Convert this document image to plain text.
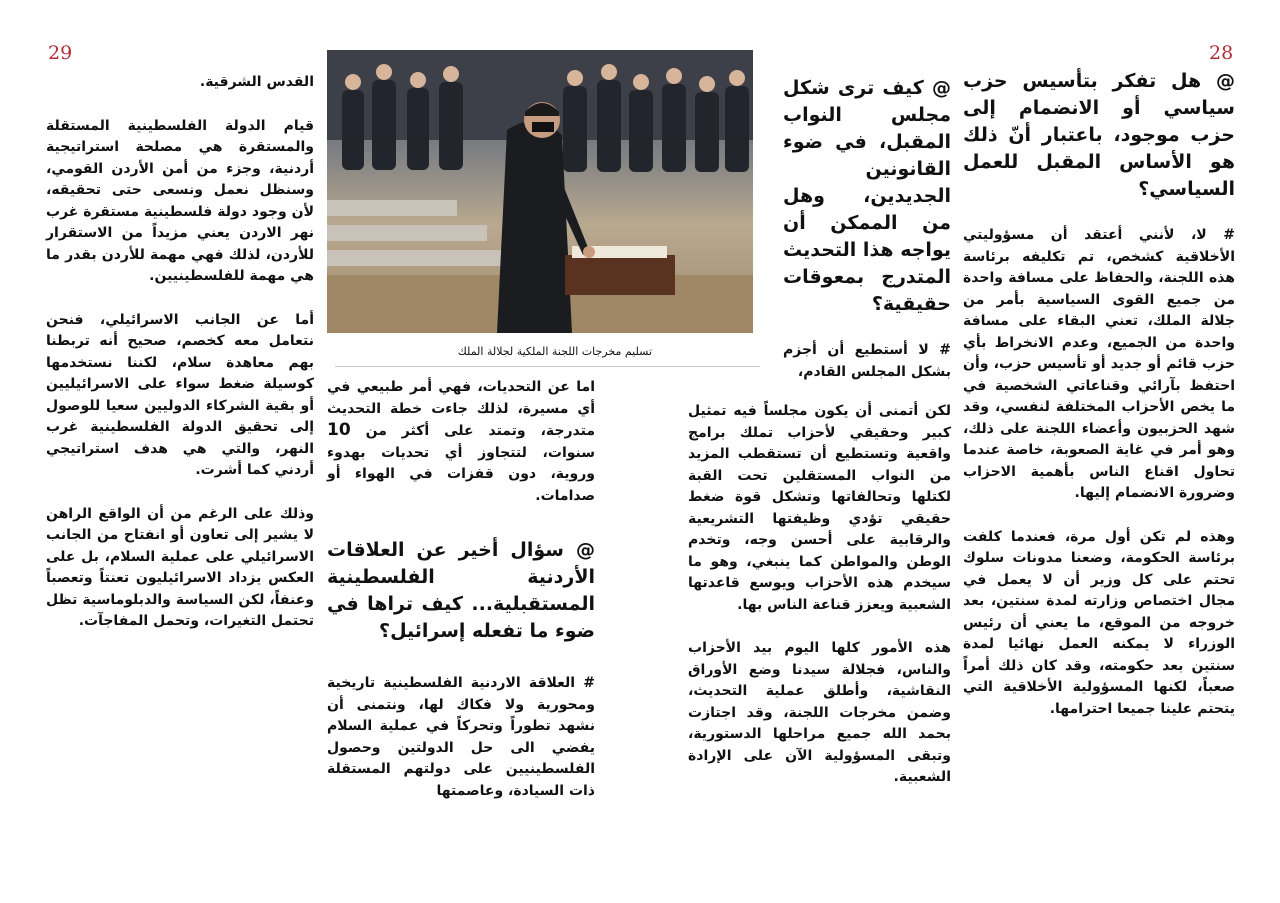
29	28

@ هل تفكر بتأسيس حزب سياسي أو الانضمام إلى حزب موجود، باعتبار أنّ ذلك هو الأساس المقبل للعمل السياسي؟

# لا، لأنني أعتقد أن مسؤوليتي الأخلاقية كشخص، تم تكليفه برئاسة هذه اللجنة، والحفاظ على مسافة واحدة من جميع القوى السياسية بأمر من جلالة الملك، تعني البقاء على مسافة واحدة من الجميع، وعدم الانخراط بأي حزب قائم أو جديد أو تأسيس حزب، وأن احتفظ بآرائي وقناعاتي الشخصية في ما يخص الأحزاب المختلفة لنفسي، وقد شهد الحزبيون وأعضاء اللجنة على ذلك، وهو أمر في غاية الصعوبة، خاصة عندما تحاول اقناع الناس بأهمية الاحزاب وضرورة الانضمام إليها.

وهذه لم تكن أول مرة، فعندما كلفت برئاسة الحكومة، وضعنا مدونات سلوك تحتم على كل وزير أن لا يعمل في مجال اختصاص وزارته لمدة سنتين، بعد خروجه من الموقع، ما يعني أن رئيس الوزراء لا يمكنه العمل نهائيا لمدة سنتين بعد حكومته، وقد كان ذلك أمراً صعباً، لكنها المسؤولية الأخلاقية التي يتحتم علينا جميعا احترامها.

@ كيف ترى شكل مجلس النواب المقبل، في ضوء القانونين الجديدين، وهل من الممكن أن يواجه هذا التحديث المتدرج بمعوقات حقيقية؟

# لا أستطيع أن أجزم بشكل المجلس القادم،

لكن أتمنى أن يكون مجلساً فيه تمثيل كبير وحقيقي لأحزاب تملك برامج واقعية وتستطيع أن تستقطب المزيد من النواب المستقلين تحت القبة لكتلها وتحالفاتها وتشكل قوة ضغط حقيقي تؤدي وظيفتها التشريعية والرقابية على أحسن وجه، وتخدم الوطن والمواطن كما ينبغي، وهو ما سيخدم هذه الأحزاب ويوسع قاعدتها الشعبية ويعزز قناعة الناس بها.

هذه الأمور كلها اليوم بيد الأحزاب والناس، فجلالة سيدنا وضع الأوراق النقاشية، وأطلق عملية التحديث، وضمن مخرجات اللجنة، وقد اجتازت بحمد الله جميع مراحلها الدستورية، وتبقى المسؤولية الآن على الإرادة الشعبية.

تسليم مخرجات اللجنة الملكية لجلالة الملك

اما عن التحديات، فهي أمر طبيعي في أي مسيرة، لذلك جاءت خطة التحديث متدرجة، وتمتد على أكثر من 10 سنوات، لتتجاوز أي تحديات بهدوء وروية، دون قفزات في الهواء أو صدامات.

@ سؤال أخير عن العلاقات الأردنية الفلسطينية المستقبلية... كيف تراها في ضوء ما تفعله إسرائيل؟

# العلاقة الاردنية الفلسطينية تاريخية ومحورية ولا فكاك لها، ونتمنى أن نشهد تطوراً وتحركاً في عملية السلام يفضي الى حل الدولتين وحصول الفلسطينيين على دولتهم المستقلة ذات السيادة، وعاصمتها

القدس الشرقية.

قيام الدولة الفلسطينية المستقلة والمستقرة هي مصلحة استراتيجية أردنية، وجزء من أمن الأردن القومي، وسنظل نعمل ونسعى حتى تحقيقه، لأن وجود دولة فلسطينية مستقرة غرب نهر الاردن يعني مزيداً من الاستقرار للأردن، لذلك فهي مهمة للأردن بقدر ما هي مهمة للفلسطينيين.

أما عن الجانب الاسرائيلي، فنحن نتعامل معه كخصم، صحيح أنه تربطنا بهم معاهدة سلام، لكننا نستخدمها كوسيلة ضغط سواء على الاسرائيليين أو بقية الشركاء الدوليين سعيا للوصول إلى تحقيق الدولة الفلسطينية غرب النهر، والتي هي هدف استراتيجي أردني كما أشرت.

وذلك على الرغم من أن الواقع الراهن لا يشير إلى تعاون أو انفتاح من الجانب الاسرائيلي على عملية السلام، بل على العكس يزداد الاسرائيليون تعنتاً وتعصباً وعنفاً، لكن السياسة والدبلوماسية تظل تحتمل التغيرات، وتحمل المفاجآت.
